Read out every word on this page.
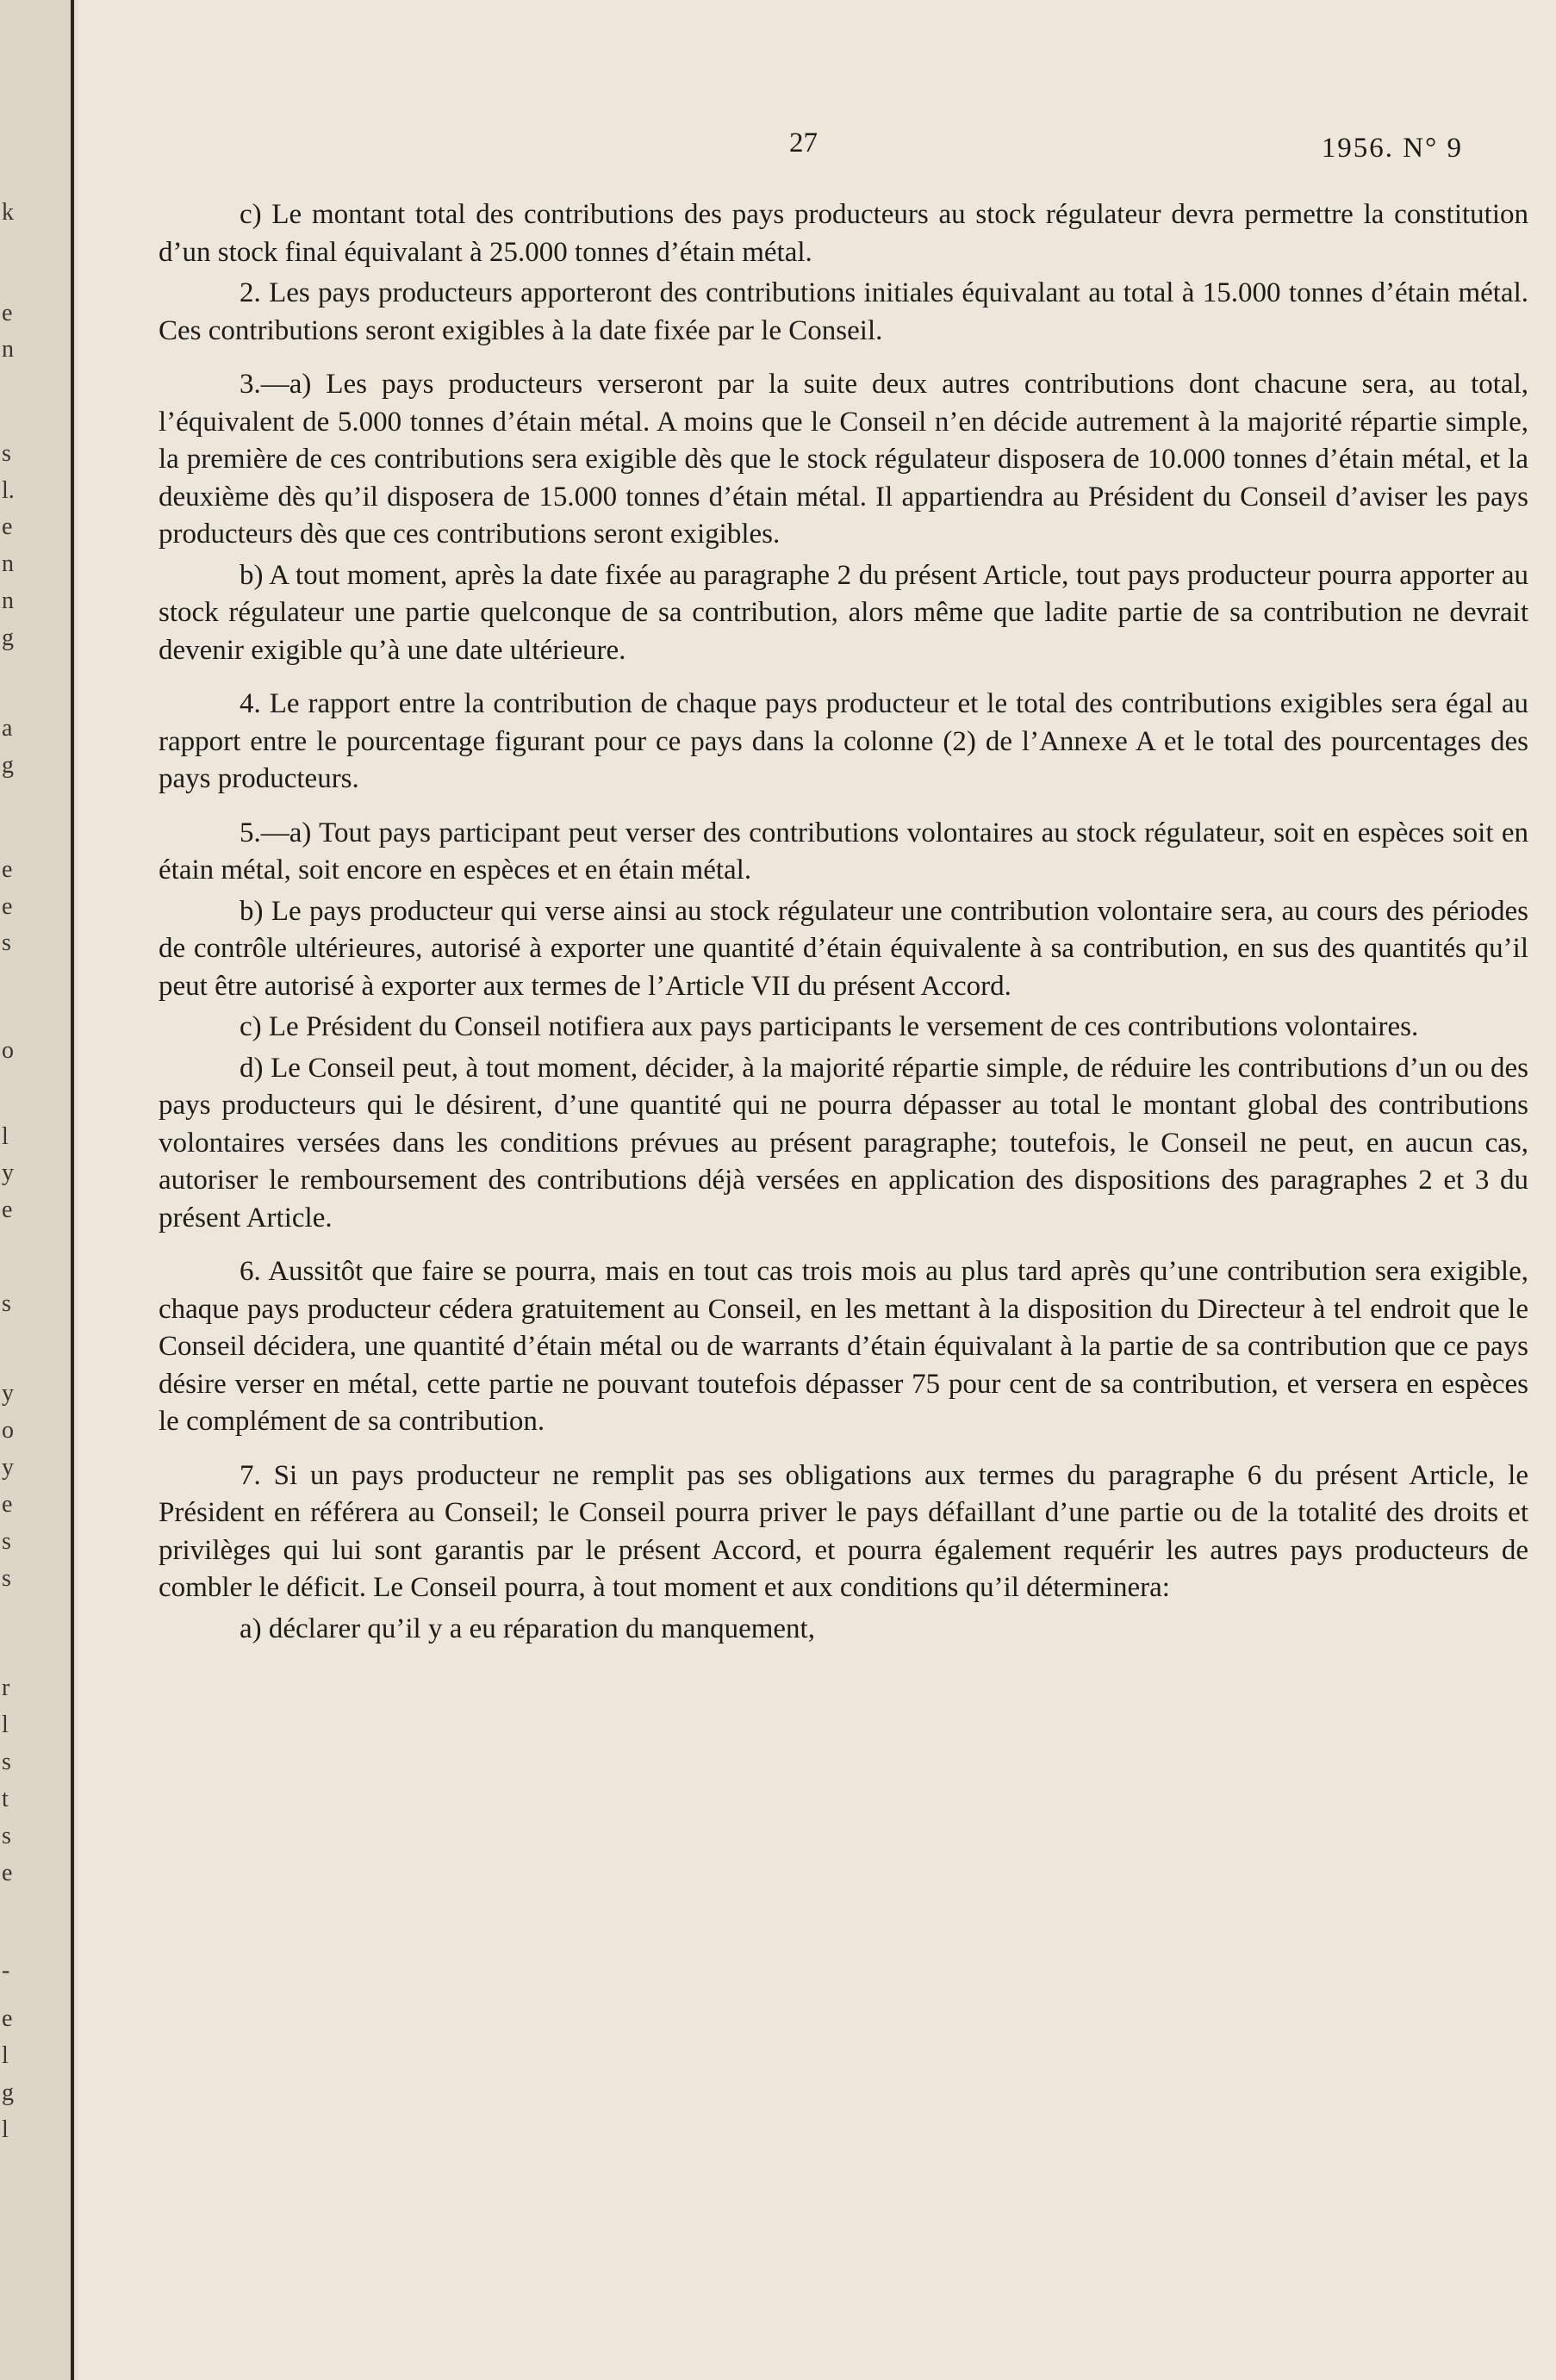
k
e
n
s
l.
e
n
n
g
a
g
e
e
s
o
l
y
e
s
y
o
y
e
s
s
r
l
s
t
s
e
-
e
l
g
l
27	1956. N° 9

c) Le montant total des contributions des pays producteurs au stock régulateur devra permettre la constitution d’un stock final équivalant à 25.000 tonnes d’étain métal.

2. Les pays producteurs apporteront des contributions initiales équivalant au total à 15.000 tonnes d’étain métal. Ces contributions seront exigibles à la date fixée par le Conseil.

3.—a) Les pays producteurs verseront par la suite deux autres contributions dont chacune sera, au total, l’équivalent de 5.000 tonnes d’étain métal. A moins que le Conseil n’en décide autrement à la majorité répartie simple, la première de ces contributions sera exigible dès que le stock régulateur disposera de 10.000 tonnes d’étain métal, et la deuxième dès qu’il disposera de 15.000 tonnes d’étain métal. Il appartiendra au Président du Conseil d’aviser les pays producteurs dès que ces contributions seront exigibles.

b) A tout moment, après la date fixée au paragraphe 2 du présent Article, tout pays producteur pourra apporter au stock régulateur une partie quelconque de sa contribution, alors même que ladite partie de sa contribution ne devrait devenir exigible qu’à une date ultérieure.

4. Le rapport entre la contribution de chaque pays producteur et le total des contributions exigibles sera égal au rapport entre le pourcentage figurant pour ce pays dans la colonne (2) de l’Annexe A et le total des pourcentages des pays producteurs.

5.—a) Tout pays participant peut verser des contributions volontaires au stock régulateur, soit en espèces soit en étain métal, soit encore en espèces et en étain métal.

b) Le pays producteur qui verse ainsi au stock régulateur une contribution volontaire sera, au cours des périodes de contrôle ultérieures, autorisé à exporter une quantité d’étain équivalente à sa contribution, en sus des quantités qu’il peut être autorisé à exporter aux termes de l’Article VII du présent Accord.

c) Le Président du Conseil notifiera aux pays participants le versement de ces contributions volontaires.

d) Le Conseil peut, à tout moment, décider, à la majorité répartie simple, de réduire les contributions d’un ou des pays producteurs qui le désirent, d’une quantité qui ne pourra dépasser au total le montant global des contributions volontaires versées dans les conditions prévues au présent paragraphe; toutefois, le Conseil ne peut, en aucun cas, autoriser le remboursement des contributions déjà versées en application des dispositions des paragraphes 2 et 3 du présent Article.

6. Aussitôt que faire se pourra, mais en tout cas trois mois au plus tard après qu’une contribution sera exigible, chaque pays producteur cédera gratuitement au Conseil, en les mettant à la disposition du Directeur à tel endroit que le Conseil décidera, une quantité d’étain métal ou de warrants d’étain équivalant à la partie de sa contribution que ce pays désire verser en métal, cette partie ne pouvant toutefois dépasser 75 pour cent de sa contribution, et versera en espèces le complément de sa contribution.

7. Si un pays producteur ne remplit pas ses obligations aux termes du paragraphe 6 du présent Article, le Président en référera au Conseil; le Conseil pourra priver le pays défaillant d’une partie ou de la totalité des droits et privilèges qui lui sont garantis par le présent Accord, et pourra également requérir les autres pays producteurs de combler le déficit. Le Conseil pourra, à tout moment et aux conditions qu’il déterminera:

a) déclarer qu’il y a eu réparation du manquement,
